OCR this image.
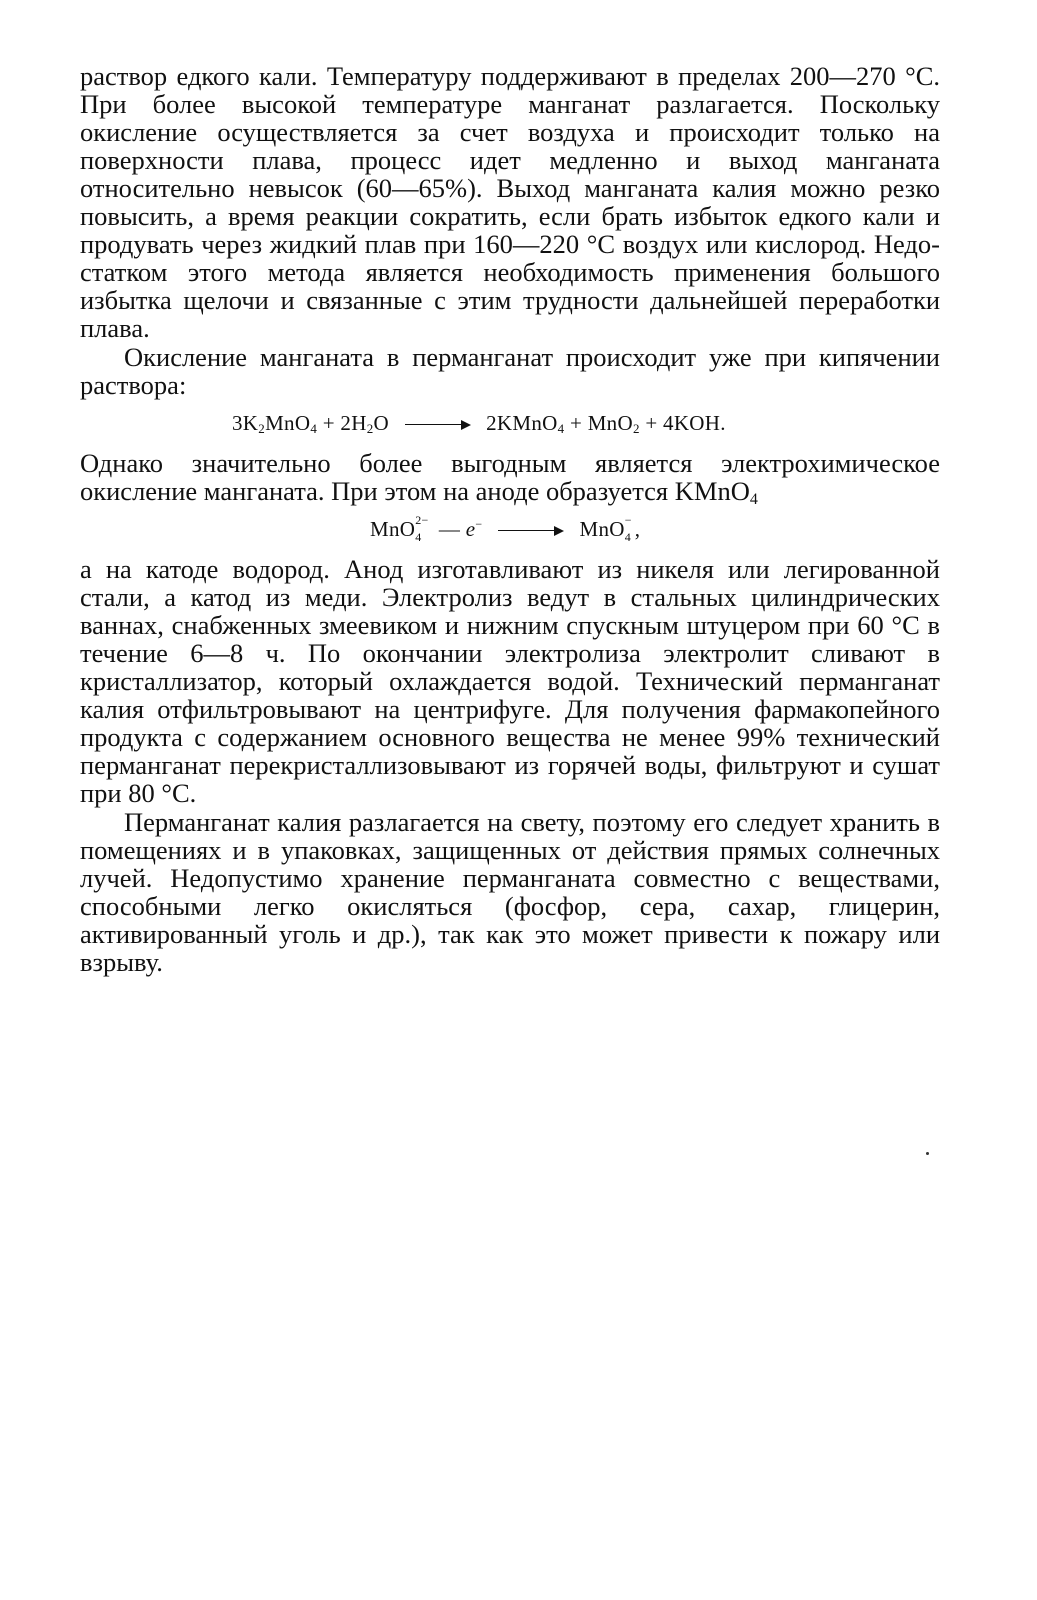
раствор едкого кали. Температуру поддерживают в пределах 200—270 °С. При более высокой температуре манганат разлагается. Поскольку окисление осуществляется за счет воздуха и происходит только на поверхности плава, процесс идет медленно и выход манганата относительно невысок (60—65%). Выход манганата калия можно резко повысить, а время реакции сократить, если брать избыток едкого кали и продувать через жидкий плав при 160—220 °С воздух или кислород. Недостатком этого метода является необходимость применения большого избытка щелочи и связанные с этим трудности дальнейшей переработки плава.

Окисление манганата в перманганат происходит уже при кипячении раствора:

$3K_2MnO_4 + 2H_2O$	2KMnO$_4$ + MnO$_2$ + 4KOH.

Однако значительно более выгодным является электрохимическое окисление манганата. При этом на аноде образуется KMnO$_4$

MnO 2−
4 — e−	MnO −
4 ,

а на катоде водород. Анод изготавливают из никеля или легированной стали, а катод из меди. Электролиз ведут в стальных цилиндрических ваннах, снабженных змеевиком и нижним спускным штуцером при 60 °С в течение 6—8 ч. По окончании электролиза электролит сливают в кристаллизатор, который охлаждается водой. Технический перманганат калия отфильтровывают на центрифуге. Для получения фармакопейного продукта с содержанием основного вещества не менее 99% технический перманганат перекристаллизовывают из горячей воды, фильтруют и сушат при 80 °С.

Перманганат калия разлагается на свету, поэтому его следует хранить в помещениях и в упаковках, защищенных от действия прямых солнечных лучей. Недопустимо хранение перманганата совместно с веществами, способными легко окисляться (фосфор, сера, сахар, глицерин, активированный уголь и др.), так как это может привести к пожару или взрыву.
